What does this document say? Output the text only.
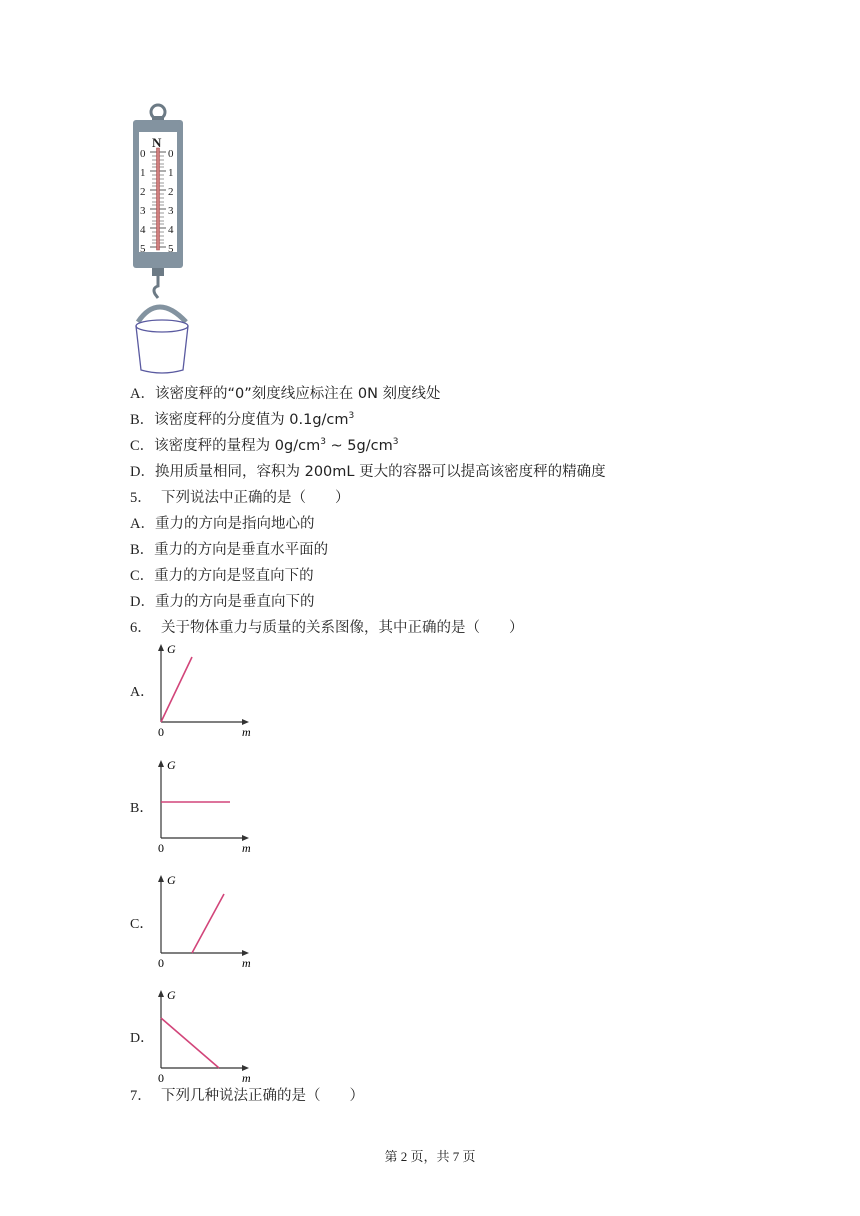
N
0
1
2
3
4
5
0
1
2
3
4
5
A．该密度秤的“0”刻度线应标注在 0N 刻度线处
B．该密度秤的分度值为 $0.1g/cm^3$
C．该密度秤的量程为 $0g/cm^3$ ~ $5g/cm^3$
D．换用质量相同，容积为 200mL 更大的容器可以提高该密度秤的精确度
5． 下列说法中正确的是（　　）
A．重力的方向是指向地心的
B．重力的方向是垂直水平面的
C．重力的方向是竖直向下的
D．重力的方向是垂直向下的
6． 关于物体重力与质量的关系图像，其中正确的是（　　）
A．
G
m
0
B．
G
m
0
C．
G
m
0
D．
G
m
0
7． 下列几种说法正确的是（　　）
第 2 页，共 7 页
